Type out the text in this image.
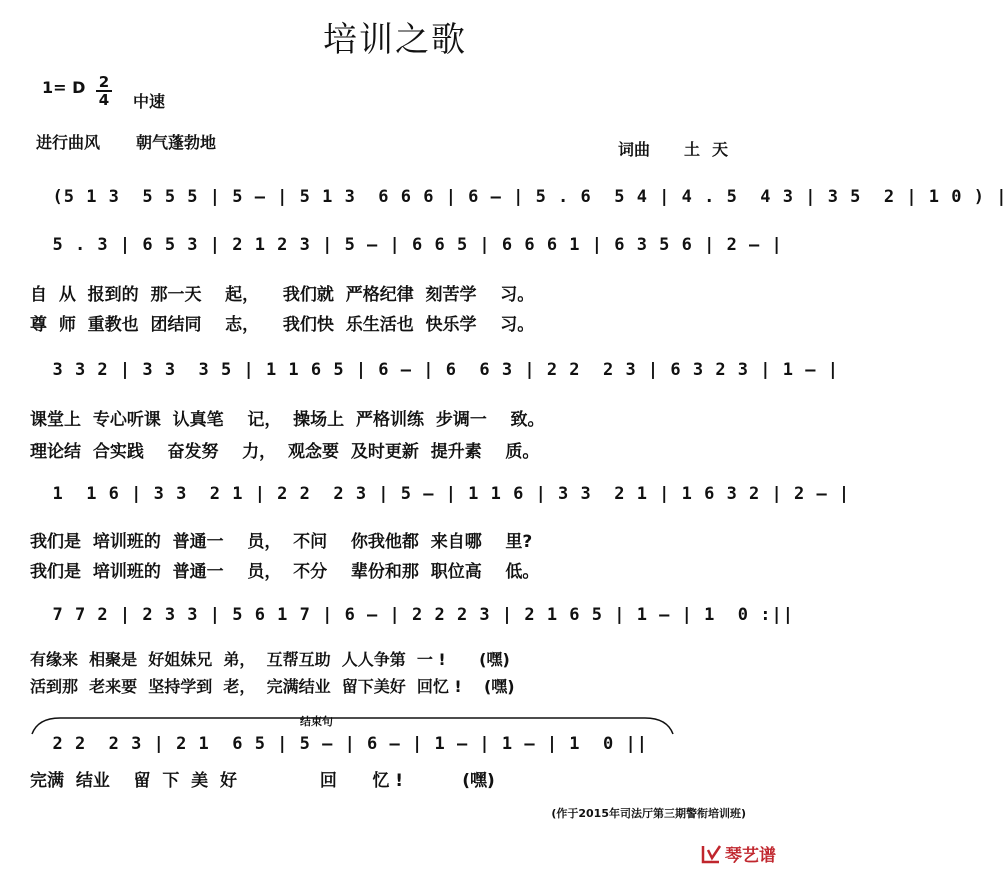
培训之歌
1= D $\frac{2}{4}$ 中速
进行曲风 朝气蓬勃地	词曲 土天

(5 1 3  5 5 5 | 5 — | 5 1 3  6 6 6 | 6 — | 5 . 6  5 4 | 4 . 5  4 3 | 3 5  2 | 1 0 ) |

5 . 3 | 6 5 3 | 2 1 2 3 | 5 — | 6 6 5 | 6 6 6 1 | 6 3 5 6 | 2 — |

自  从  报到的  那一天    起，    我们就  严格纪律  刻苦学    习。
尊  师  重教也  团结同    志，    我们快  乐生活也  快乐学    习。

3 3 2 | 3 3  3 5 | 1 1 6 5 | 6 — | 6  6 3 | 2 2  2 3 | 6 3 2 3 | 1 — |

课堂上  专心听课  认真笔    记，  操场上  严格训练  步调一    致。
理论结  合实践    奋发努    力，  观念要  及时更新  提升素    质。

1  1 6 | 3 3  2 1 | 2 2  2 3 | 5 — | 1 1 6 | 3 3  2 1 | 1 6 3 2 | 2 — |

我们是  培训班的  普通一    员，  不问    你我他都  来自哪    里?
我们是  培训班的  普通一    员，  不分    辈份和那  职位高    低。

7 7 2 | 2 3 3 | 5 6 1 7 | 6 — | 2 2 2 3 | 2 1 6 5 | 1 — | 1  0 :||

有缘来  相聚是  好姐妹兄  弟，  互帮互助  人人争第  一 !      (嘿)
活到那  老来要  坚持学到  老，  完满结业  留下美好  回忆 !    (嘿)
结束句

2 2  2 3 | 2 1  6 5 | 5 — | 6 — | 1 — | 1 — | 1  0 ||

完满  结业    留  下  美  好              回      忆 !          (嘿)
(作于2015年司法厅第三期警衔培训班)
琴艺谱
